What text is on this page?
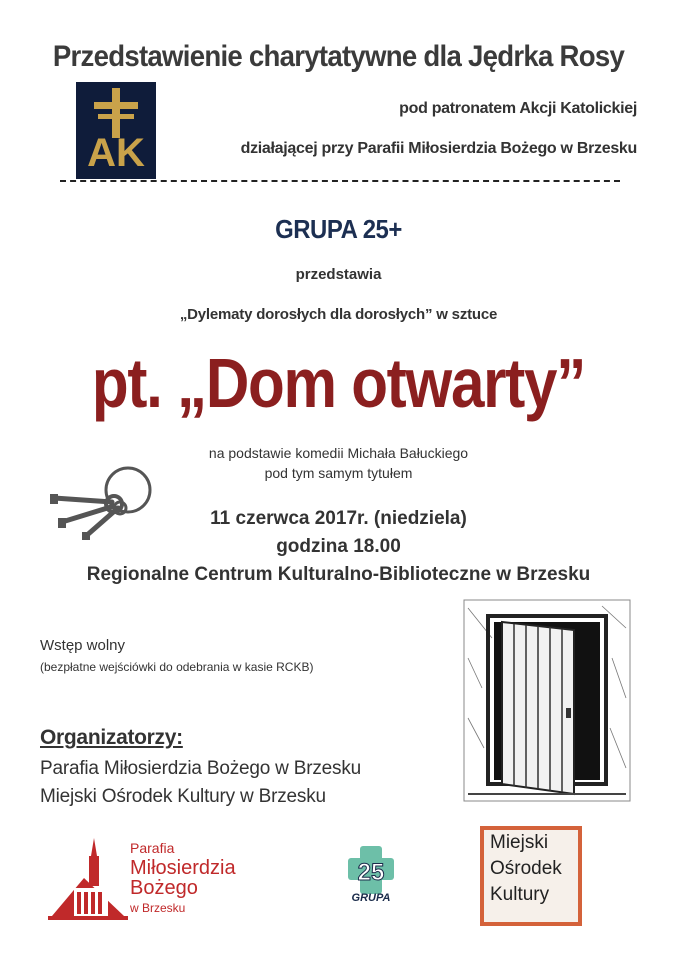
Przedstawienie charytatywne dla Jędrka Rosy
AK
pod patronatem Akcji Katolickiej
działającej przy Parafii Miłosierdzia Bożego w Brzesku
GRUPA 25+
przedstawia
„Dylematy dorosłych dla dorosłych” w sztuce
pt. „Dom otwarty”
na podstawie komedii Michała Bałuckiego
pod tym samym tytułem
11 czerwca 2017r. (niedziela)
godzina 18.00
Regionalne Centrum Kulturalno-Biblioteczne w Brzesku
Wstęp wolny
(bezpłatne wejściówki do odebrania w kasie RCKB)
Organizatorzy:
Parafia Miłosierdzia Bożego w Brzesku
Miejski Ośrodek Kultury w Brzesku
Parafia
Miłosierdzia
Bożego
w Brzesku
25
GRUPA
Miejski
Ośrodek
Kultury
